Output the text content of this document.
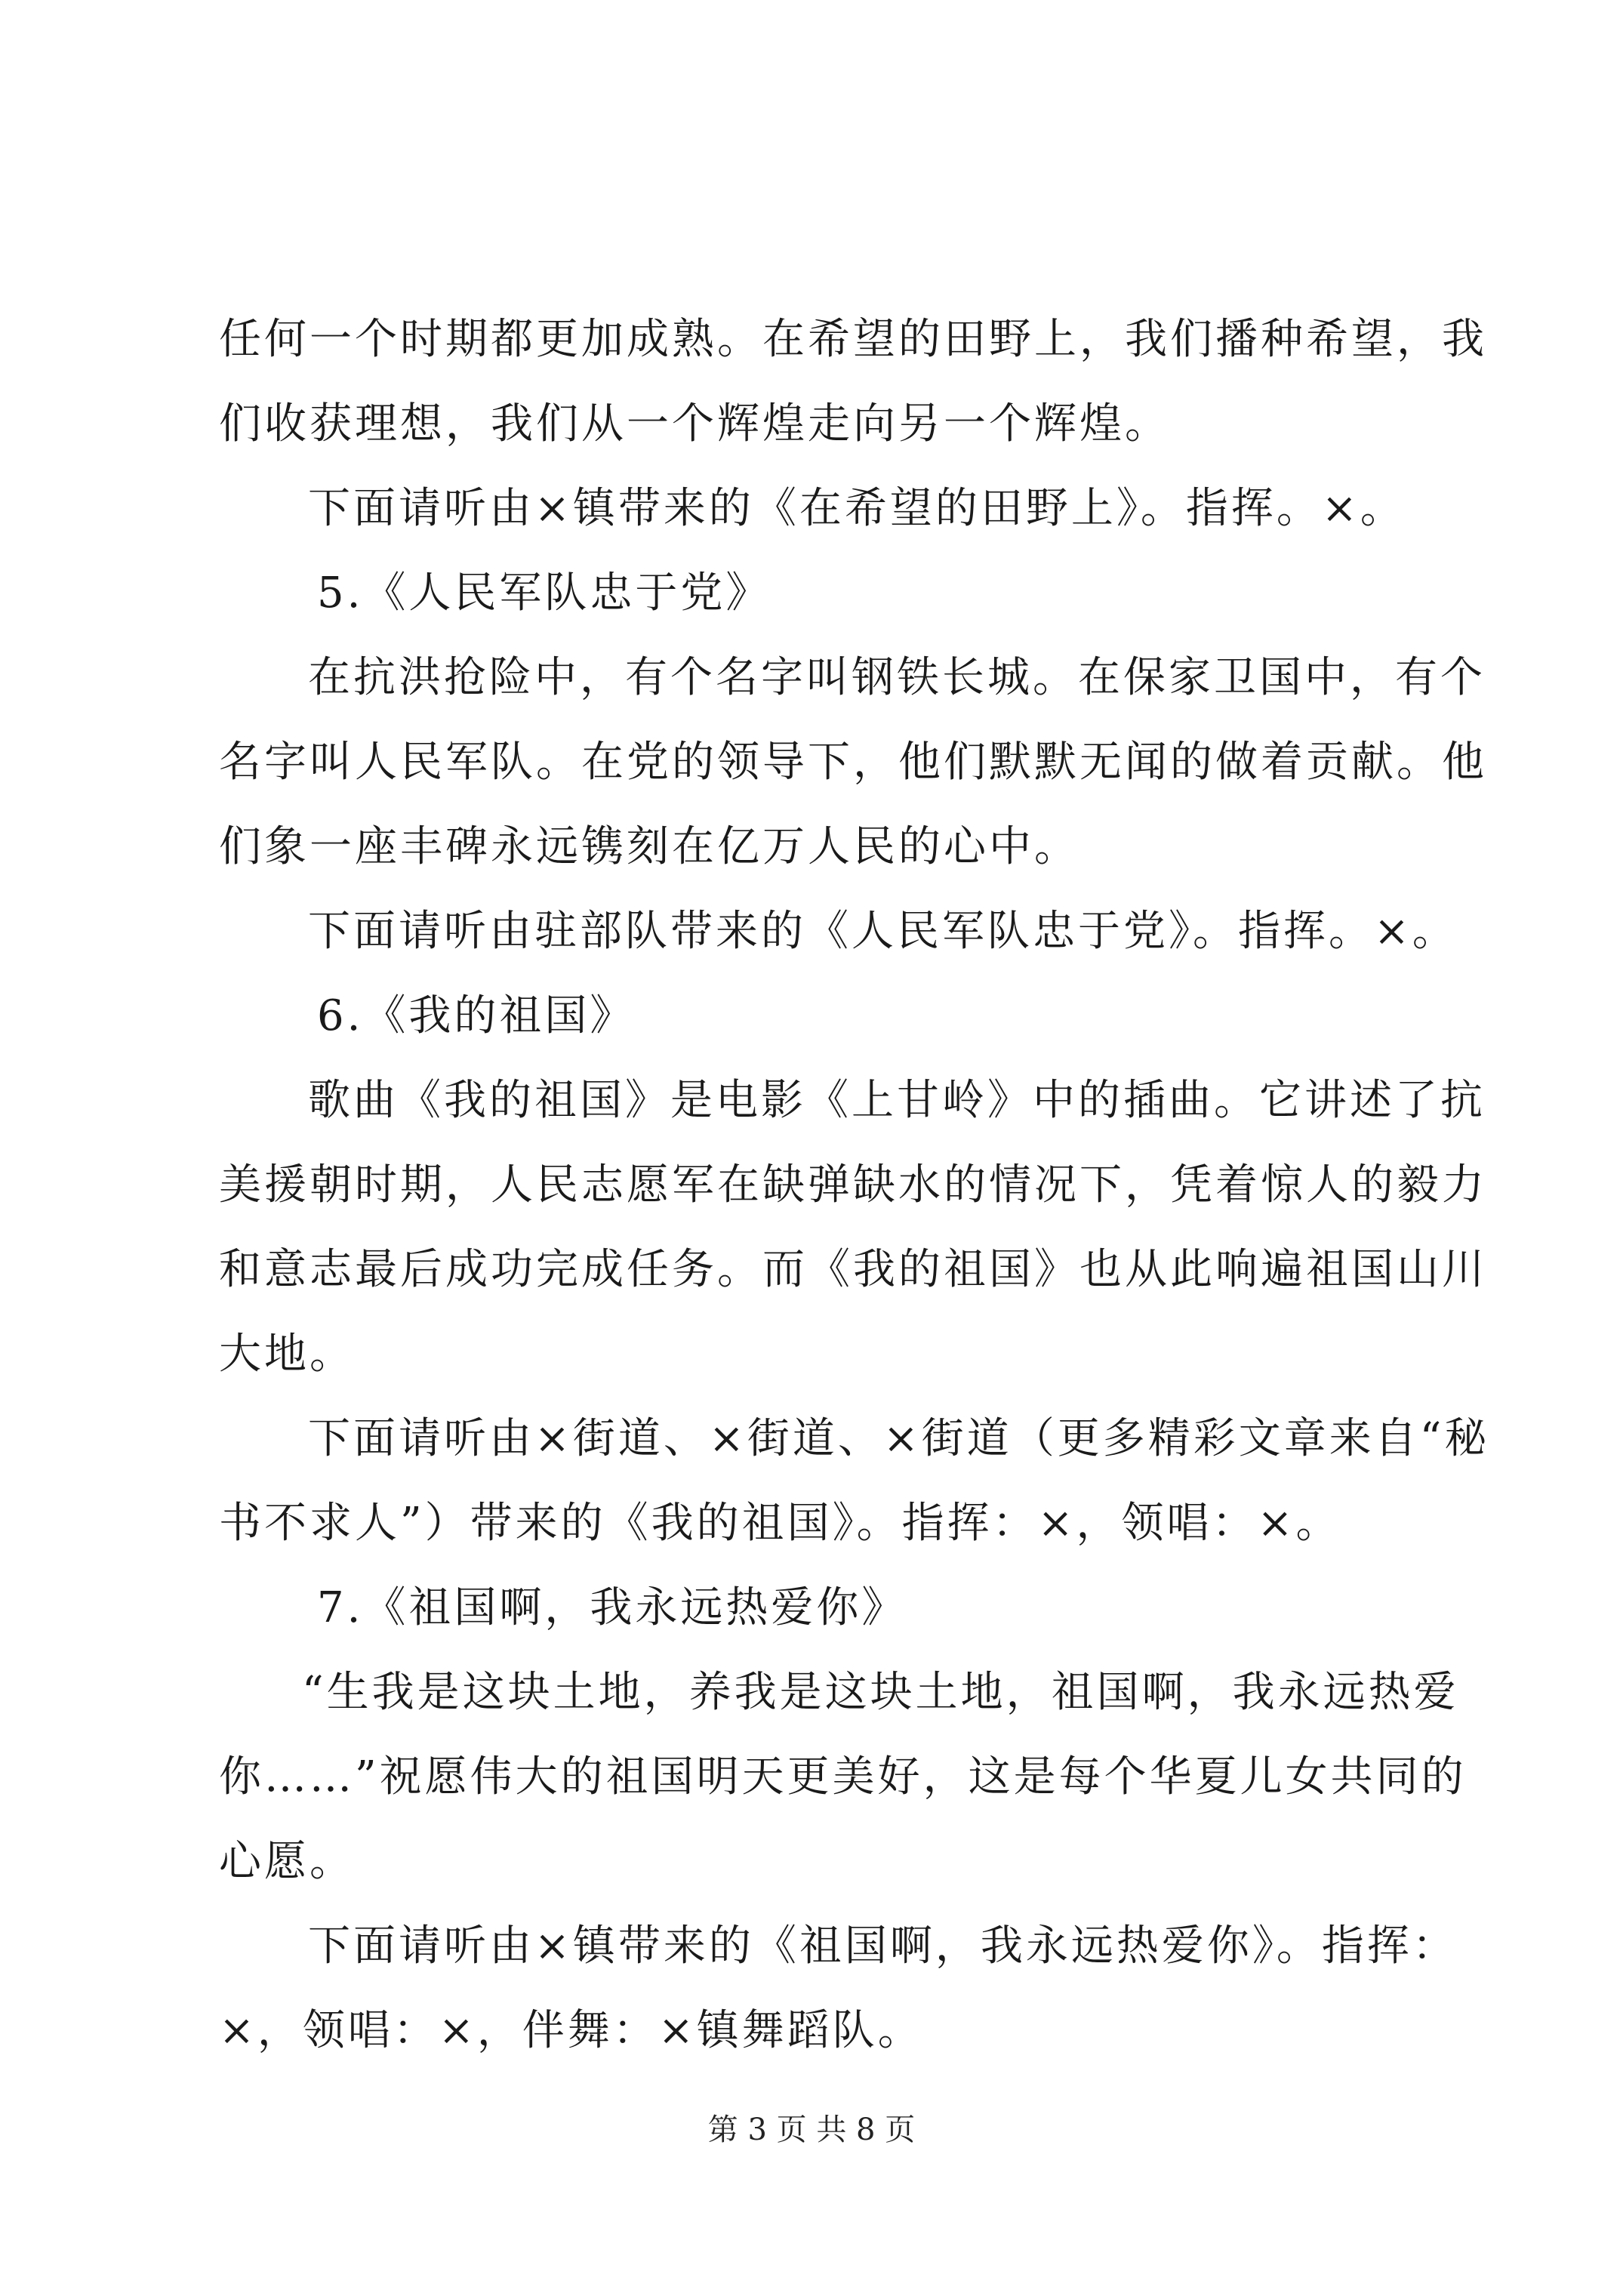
任何一个时期都更加成熟。在希望的田野上，我们播种希望，我
们收获理想，我们从一个辉煌走向另一个辉煌。
下面请听由×镇带来的《在希望的田野上》。指挥。×。
5.《人民军队忠于党》
在抗洪抢险中，有个名字叫钢铁长城。在保家卫国中，有个
名字叫人民军队。在党的领导下，他们默默无闻的做着贡献。他
们象一座丰碑永远镌刻在亿万人民的心中。
下面请听由驻部队带来的《人民军队忠于党》。指挥。×。
6.《我的祖国》
歌曲《我的祖国》是电影《上甘岭》中的插曲。它讲述了抗
美援朝时期，人民志愿军在缺弹缺水的情况下，凭着惊人的毅力
和意志最后成功完成任务。而《我的祖国》也从此响遍祖国山川
大地。
下面请听由×街道、×街道、×街道（更多精彩文章来自“秘
书不求人”）带来的《我的祖国》。指挥：×，领唱：×。
7.《祖国啊，我永远热爱你》
“生我是这块土地，养我是这块土地，祖国啊，我永远热爱
你……”祝愿伟大的祖国明天更美好，这是每个华夏儿女共同的
心愿。
下面请听由×镇带来的《祖国啊，我永远热爱你》。指挥：
×，领唱：×，伴舞：×镇舞蹈队。
第 3 页 共 8 页
